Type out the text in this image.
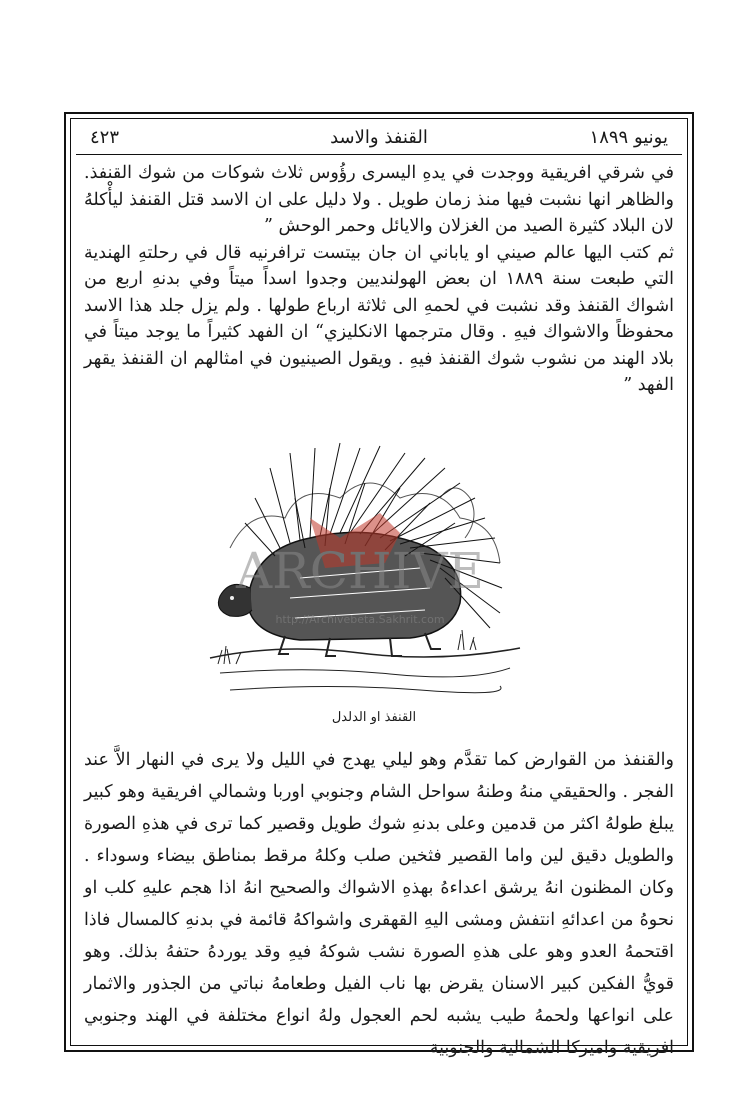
يونيو ١٨٩٩
القنفذ والاسد
٤٢٣

في شرقي افريقية ووجدت في يدهِ اليسرى رؤُوس ثلاث شوكات من شوك القنفذ. والظاهر انها نشبت فيها منذ زمان طويل . ولا دليل على ان الاسد قتل القنفذ ليأْكلهُ لان البلاد كثيرة الصيد من الغزلان والايائل وحمر الوحش ”

ثم كتب اليها عالم صيني او ياباني ان جان بيتست ترافرنيه قال في رحلتهِ الهندية التي طبعت سنة ١٨٨٩ ان بعض الهولنديين وجدوا اسداً ميتاً وفي بدنهِ اربع من اشواك القنفذ وقد نشبت في لحمهِ الى ثلاثة ارباع طولها . ولم يزل جلد هذا الاسد محفوظاً والاشواك فيهِ . وقال مترجمها الانكليزي“ ان الفهد كثيراً ما يوجد ميتاً في بلاد الهند من نشوب شوك القنفذ فيهِ . ويقول الصينيون في امثالهم ان القنفذ يقهر الفهد ”

ARCHIVE
http://Archivebeta.Sakhrit.com
القنفذ او الدلدل

والقنفذ من القوارض كما تقدَّم وهو ليلي يهدج في الليل ولا يرى في النهار الاَّ عند الفجر . والحقيقي منهُ وطنهُ سواحل الشام وجنوبي اوربا وشمالي افريقية وهو كبير يبلغ طولهُ اكثر من قدمين وعلى بدنهِ شوك طويل وقصير كما ترى في هذهِ الصورة والطويل دقيق لين واما القصير فثخين صلب وكلهُ مرقط بمناطق بيضاء وسوداء . وكان المظنون انهُ يرشق اعداءهُ بهذهِ الاشواك والصحيح انهُ اذا هجم عليهِ كلب او نحوهُ من اعدائهِ انتفش ومشى اليهِ القهقرى واشواكهُ قائمة في بدنهِ كالمسال فاذا اقتحمهُ العدو وهو على هذهِ الصورة نشب شوكهُ فيهِ وقد يوردهُ حتفهُ بذلك. وهو قويُّ الفكين كبير الاسنان يقرض بها ناب الفيل وطعامهُ نباتي من الجذور والاثمار على انواعها ولحمهُ طيب يشبه لحم العجول ولهُ انواع مختلفة في الهند وجنوبي افريقية واميركا الشمالية والجنوبية
